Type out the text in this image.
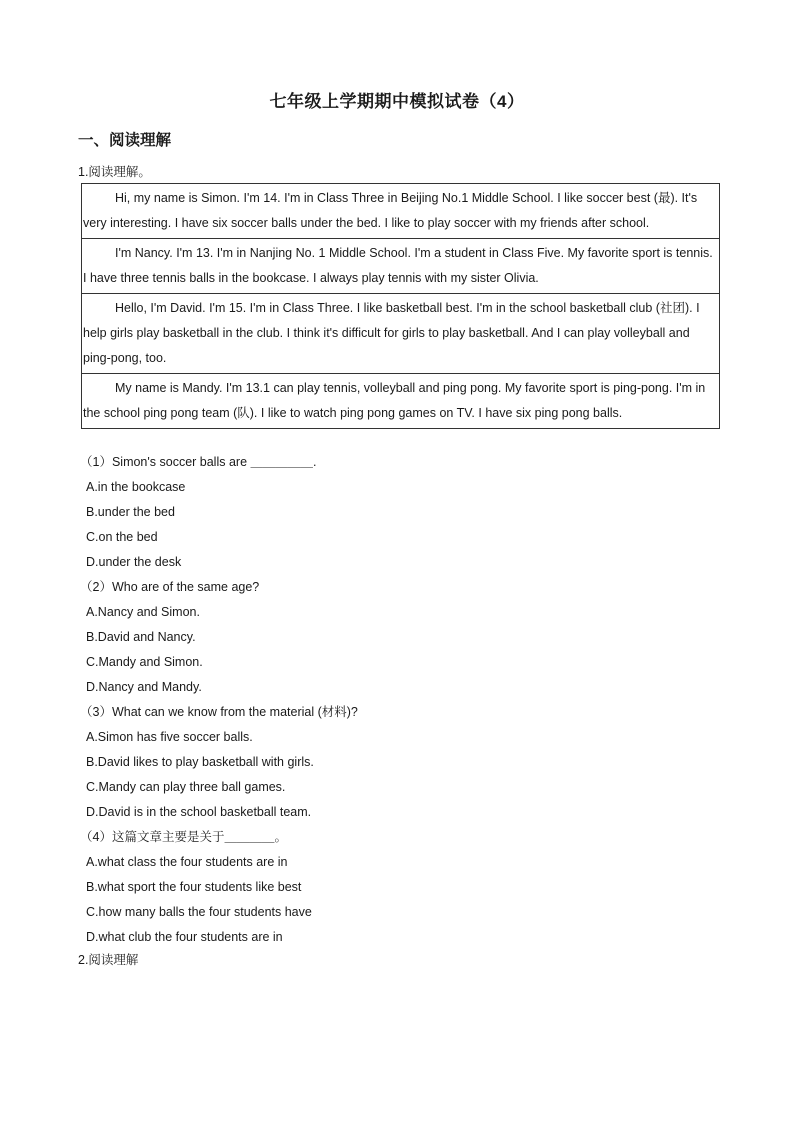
七年级上学期期中模拟试卷（4）
一、阅读理解
1.阅读理解。
Hi, my name is Simon. I'm 14. I'm in Class Three in Beijing No.1 Middle School. I like soccer best (最). It's very interesting. I have six soccer balls under the bed. I like to play soccer with my friends after school.
I'm Nancy. I'm 13. I'm in Nanjing No. 1 Middle School. I'm a student in Class Five. My favorite sport is tennis. I have three tennis balls in the bookcase. I always play tennis with my sister Olivia.
Hello, I'm David. I'm 15. I'm in Class Three. I like basketball best. I'm in the school basketball club (社团). I help girls play basketball in the club. I think it's difficult for girls to play basketball. And I can play volleyball and ping-pong, too.
My name is Mandy. I'm 13.1 can play tennis, volleyball and ping pong. My favorite sport is ping-pong. I'm in the school ping pong team (队). I like to watch ping pong games on TV. I have six ping pong balls.
（1）Simon's soccer balls are ＿＿＿＿＿.
A.in the bookcase
B.under the bed
C.on the bed
D.under the desk
（2）Who are of the same age?
A.Nancy and Simon.
B.David and Nancy.
C.Mandy and Simon.
D.Nancy and Mandy.
（3）What can we know from the material (材料)?
A.Simon has five soccer balls.
B.David likes to play basketball with girls.
C.Mandy can play three ball games.
D.David is in the school basketball team.
（4）这篇文章主要是关于＿＿＿＿。
A.what class the four students are in
B.what sport the four students like best
C.how many balls the four students have
D.what club the four students are in
2.阅读理解
